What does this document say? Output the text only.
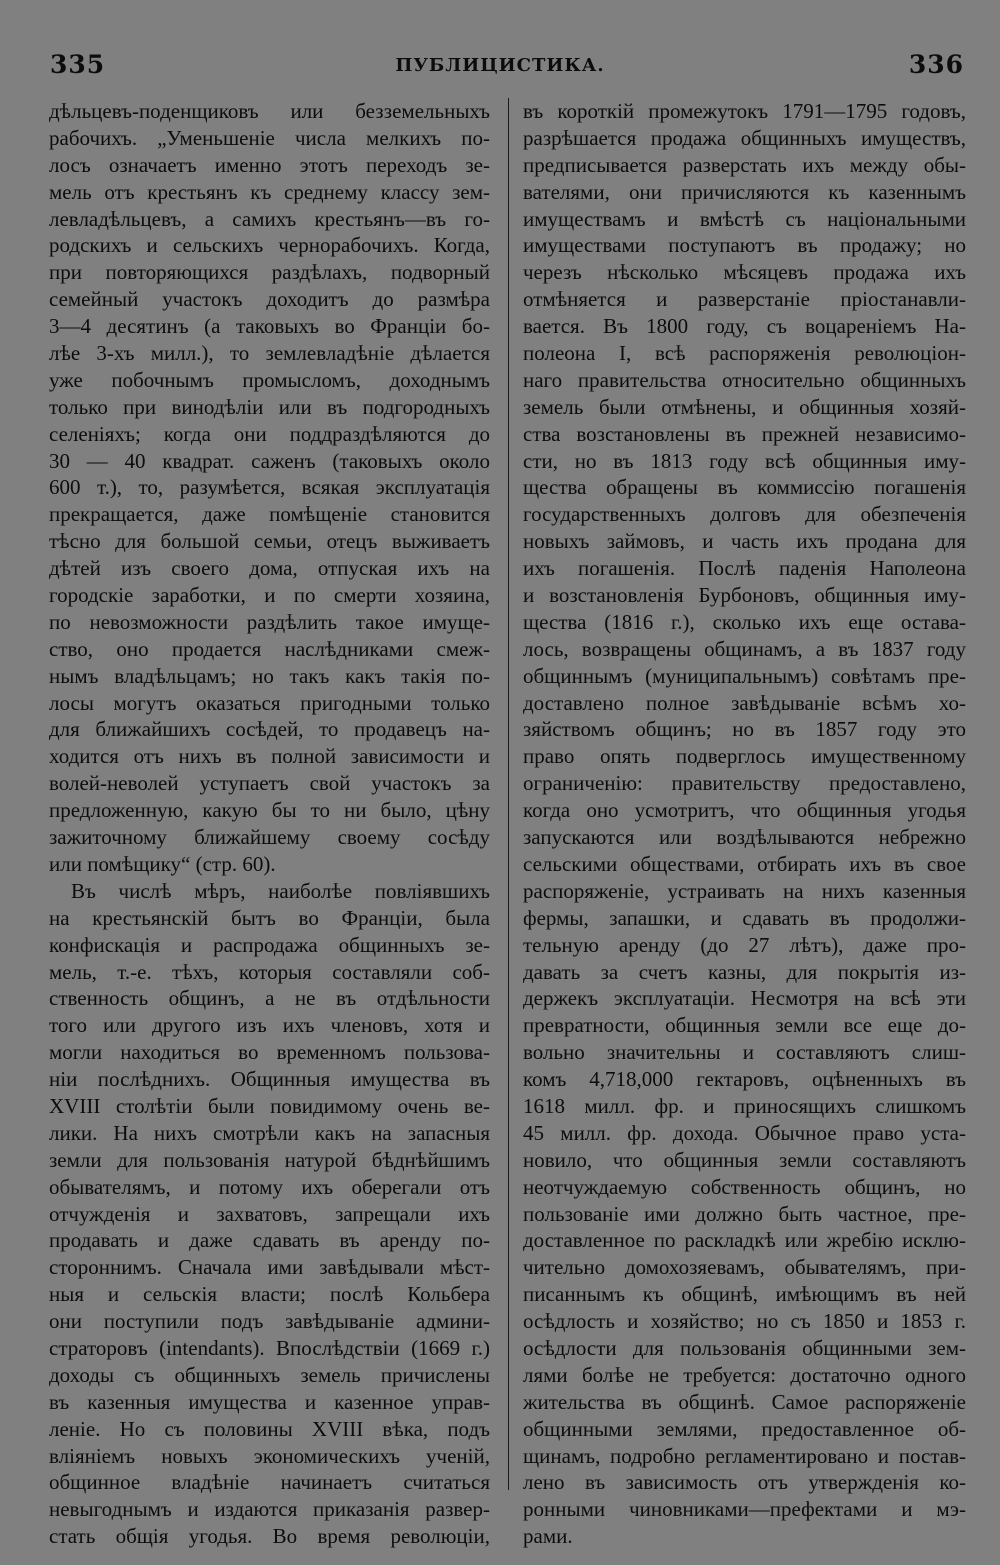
335	ПУБЛИЦИСТИКА.	336
дѣльцевъ-поденщиковъ или безземельныхъ
рабочихъ. „Уменьшеніе числа мелкихъ по-
лосъ означаетъ именно этотъ переходъ зе-
мель отъ крестьянъ къ среднему классу зем-
левладѣльцевъ, а самихъ крестьянъ—въ го-
родскихъ и сельскихъ чернорабочихъ. Когда,
при повторяющихся раздѣлахъ, подворный
семейный участокъ доходитъ до размѣра
3—4 десятинъ (а таковыхъ во Франціи бо-
лѣе 3-хъ милл.), то землевладѣніе дѣлается
уже побочнымъ промысломъ, доходнымъ
только при винодѣліи или въ подгородныхъ
селеніяхъ; когда они поддраздѣляются до
30 — 40 квадрат. саженъ (таковыхъ около
600 т.), то, разумѣется, всякая эксплуатація
прекращается, даже помѣщеніе становится
тѣсно для большой семьи, отецъ выживаетъ
дѣтей изъ своего дома, отпуская ихъ на
городскіе заработки, и по смерти хозяина,
по невозможности раздѣлить такое имуще-
ство, оно продается наслѣдниками смеж-
нымъ владѣльцамъ; но такъ какъ такія по-
лосы могутъ оказаться пригодными только
для ближайшихъ сосѣдей, то продавецъ на-
ходится отъ нихъ въ полной зависимости и
волей-неволей уступаетъ свой участокъ за
предложенную, какую бы то ни было, цѣну
зажиточному ближайшему своему сосѣду
или помѣщику“ (стр. 60).
Въ числѣ мѣръ, наиболѣе повліявшихъ
на крестьянскій бытъ во Франціи, была
конфискація и распродажа общинныхъ зе-
мель, т.-е. тѣхъ, которыя составляли соб-
ственность общинъ, а не въ отдѣльности
того или другого изъ ихъ членовъ, хотя и
могли находиться во временномъ пользова-
ніи послѣднихъ. Общинныя имущества въ
XVIII столѣтіи были повидимому очень ве-
лики. На нихъ смотрѣли какъ на запасныя
земли для пользованія натурой бѣднѣйшимъ
обывателямъ, и потому ихъ оберегали отъ
отчужденія и захватовъ, запрещали ихъ
продавать и даже сдавать въ аренду по-
стороннимъ. Сначала ими завѣдывали мѣст-
ныя и сельскія власти; послѣ Кольбера
они поступили подъ завѣдываніе админи-
страторовъ (intendants). Впослѣдствіи (1669 г.)
доходы съ общинныхъ земель причислены
въ казенныя имущества и казенное управ-
леніе. Но съ половины XVIII вѣка, подъ
вліяніемъ новыхъ экономическихъ ученій,
общинное владѣніе начинаетъ считаться
невыгоднымъ и издаются приказанія развер-
стать общія угодья. Во время революціи,
въ короткій промежутокъ 1791—1795 годовъ,
разрѣшается продажа общинныхъ имуществъ,
предписывается разверстать ихъ между обы-
вателями, они причисляются къ казеннымъ
имуществамъ и вмѣстѣ съ національными
имуществами поступаютъ въ продажу; но
черезъ нѣсколько мѣсяцевъ продажа ихъ
отмѣняется и разверстаніе пріостанавли-
вается. Въ 1800 году, съ воцареніемъ На-
полеона I, всѣ распоряженія революціон-
наго правительства относительно общинныхъ
земель были отмѣнены, и общинныя хозяй-
ства возстановлены въ прежней независимо-
сти, но въ 1813 году всѣ общинныя иму-
щества обращены въ коммиссію погашенія
государственныхъ долговъ для обезпеченія
новыхъ займовъ, и часть ихъ продана для
ихъ погашенія. Послѣ паденія Наполеона
и возстановленія Бурбоновъ, общинныя иму-
щества (1816 г.), сколько ихъ еще остава-
лось, возвращены общинамъ, а въ 1837 году
общиннымъ (муниципальнымъ) совѣтамъ пре-
доставлено полное завѣдываніе всѣмъ хо-
зяйствомъ общинъ; но въ 1857 году это
право опять подверглось имущественному
ограниченію: правительству предоставлено,
когда оно усмотритъ, что общинныя угодья
запускаются или воздѣлываются небрежно
сельскими обществами, отбирать ихъ въ свое
распоряженіе, устраивать на нихъ казенныя
фермы, запашки, и сдавать въ продолжи-
тельную аренду (до 27 лѣтъ), даже про-
давать за счетъ казны, для покрытія из-
держекъ эксплуатаціи. Несмотря на всѣ эти
превратности, общинныя земли все еще до-
вольно значительны и составляютъ слиш-
комъ 4,718,000 гектаровъ, оцѣненныхъ въ
1618 милл. фр. и приносящихъ слишкомъ
45 милл. фр. дохода. Обычное право уста-
новило, что общинныя земли составляютъ
неотчуждаемую собственность общинъ, но
пользованіе ими должно быть частное, пре-
доставленное по раскладкѣ или жребію исклю-
чительно домохозяевамъ, обывателямъ, при-
писаннымъ къ общинѣ, имѣющимъ въ ней
осѣдлость и хозяйство; но съ 1850 и 1853 г.
осѣдлости для пользованія общинными зем-
лями болѣе не требуется: достаточно одного
жительства въ общинѣ. Самое распоряженіе
общинными землями, предоставленное об-
щинамъ, подробно регламентировано и постав-
лено въ зависимость отъ утвержденія ко-
ронными чиновниками—префектами и мэ-
рами.
